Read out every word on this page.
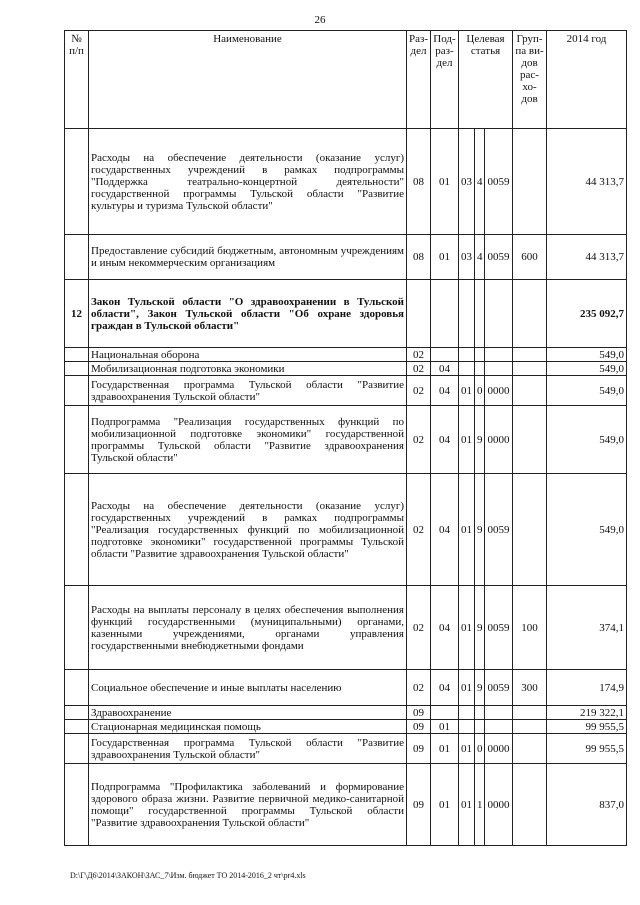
26
№ п/п	Наименование	Раз-дел	Под-раз-дел	Целевая статья			Груп-па ви-дов рас-хо-дов	2014 год
	Расходы на обеспечение деятельности (оказание услуг) государственных учреждений в рамках подпрограммы "Поддержка театрально-концертной деятельности" государственной программы Тульской области "Развитие культуры и туризма Тульской области"	08	01	03	4	0059		44 313,7
	Предоставление субсидий бюджетным, автономным учреждениям и иным некоммерческим организациям	08	01	03	4	0059	600	44 313,7
12	Закон Тульской области "О здравоохранении в Тульской области", Закон Тульской области "Об охране здоровья граждан в Тульской области"							235 092,7
	Национальная оборона	02						549,0
	Мобилизационная подготовка экономики	02	04					549,0
	Государственная программа Тульской области "Развитие здравоохранения Тульской области"	02	04	01	0	0000		549,0
	Подпрограмма "Реализация государственных функций по мобилизационной подготовке экономики" государственной программы Тульской области "Развитие здравоохранения Тульской области"	02	04	01	9	0000		549,0
	Расходы на обеспечение деятельности (оказание услуг) государственных учреждений в рамках подпрограммы "Реализация государственных функций по мобилизационной подготовке экономики" государственной программы Тульской области "Развитие здравоохранения Тульской области"	02	04	01	9	0059		549,0
	Расходы на выплаты персоналу в целях обеспечения выполнения функций государственными (муниципальными) органами, казенными учреждениями, органами управления государственными внебюджетными фондами	02	04	01	9	0059	100	374,1
	Социальное обеспечение и иные выплаты населению	02	04	01	9	0059	300	174,9
	Здравоохранение	09						219 322,1
	Стационарная медицинская помощь	09	01					99 955,5
	Государственная программа Тульской области "Развитие здравоохранения Тульской области"	09	01	01	0	0000		99 955,5
	Подпрограмма "Профилактика заболеваний и формирование здорового образа жизни. Развитие первичной медико-санитарной помощи" государственной программы Тульской области "Развитие здравоохранения Тульской области"	09	01	01	1	0000		837,0
D:\Г\Д6\2014\ЗАКОН\ЗАС_7\Изм. бюджет ТО 2014-2016_2 чт\pr4.xls
